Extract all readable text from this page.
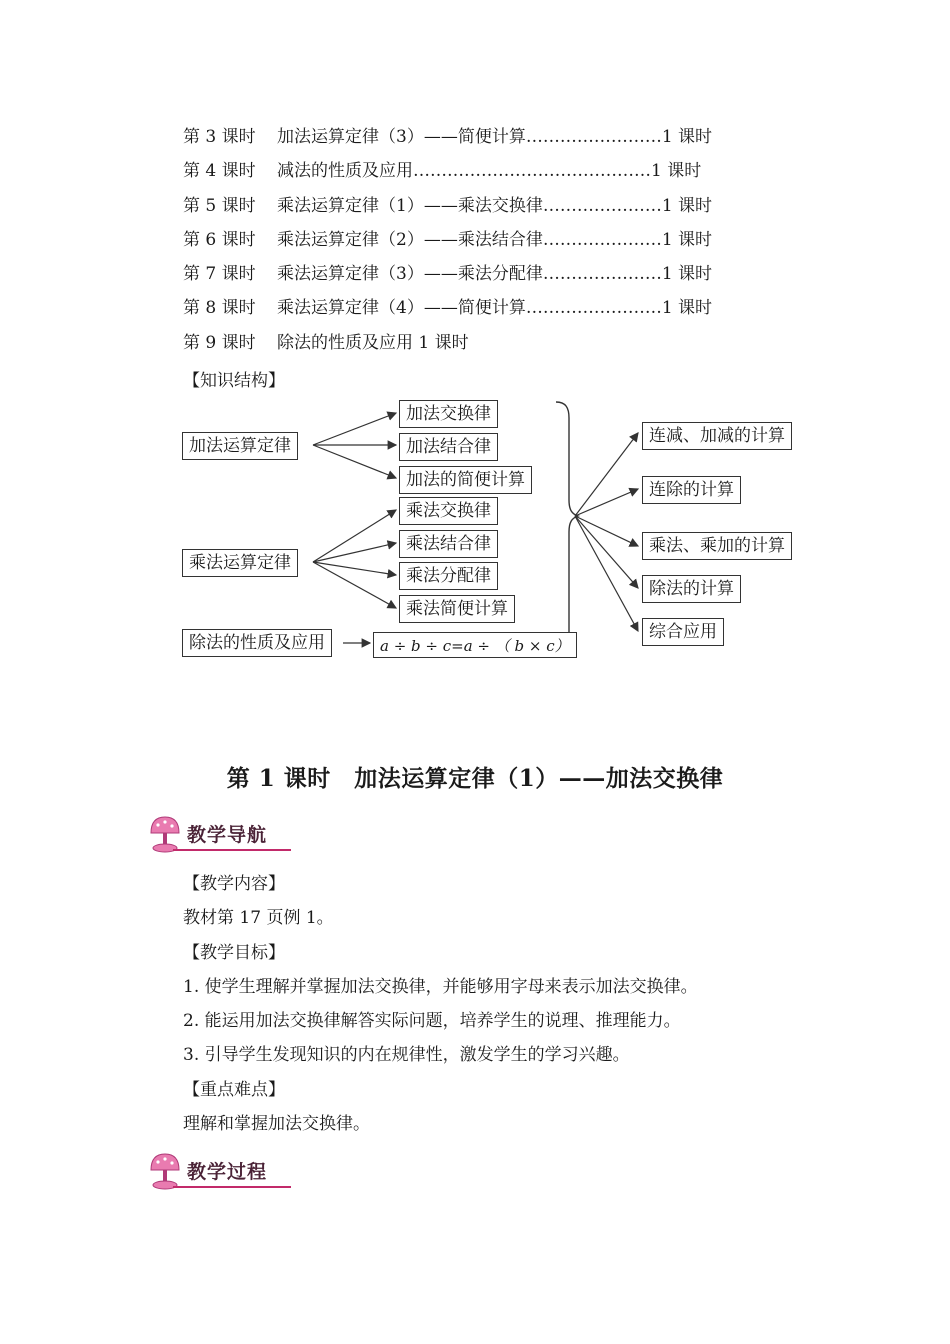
第 3 课时 加法运算定律（3）——简便计算……………………1 课时
第 4 课时 减法的性质及应用……………………………………1 课时
第 5 课时 乘法运算定律（1）——乘法交换律…………………1 课时
第 6 课时 乘法运算定律（2）——乘法结合律…………………1 课时
第 7 课时 乘法运算定律（3）——乘法分配律…………………1 课时
第 8 课时 乘法运算定律（4）——简便计算……………………1 课时
第 9 课时 除法的性质及应用 1 课时
【知识结构】
加法运算定律
乘法运算定律
除法的性质及应用
加法交换律
加法结合律
加法的简便计算
乘法交换律
乘法结合律
乘法分配律
乘法简便计算
a ÷ b ÷ c=a ÷ （ b × c）
连减、加减的计算
连除的计算
乘法、乘加的计算
除法的计算
综合应用
第 1 课时　加法运算定律（1）——加法交换律
教学导航

【教学内容】

教材第 17 页例 1。

【教学目标】

1. 使学生理解并掌握加法交换律，并能够用字母来表示加法交换律。

2. 能运用加法交换律解答实际问题，培养学生的说理、推理能力。

3. 引导学生发现知识的内在规律性，激发学生的学习兴趣。

【重点难点】

理解和掌握加法交换律。

教学过程
